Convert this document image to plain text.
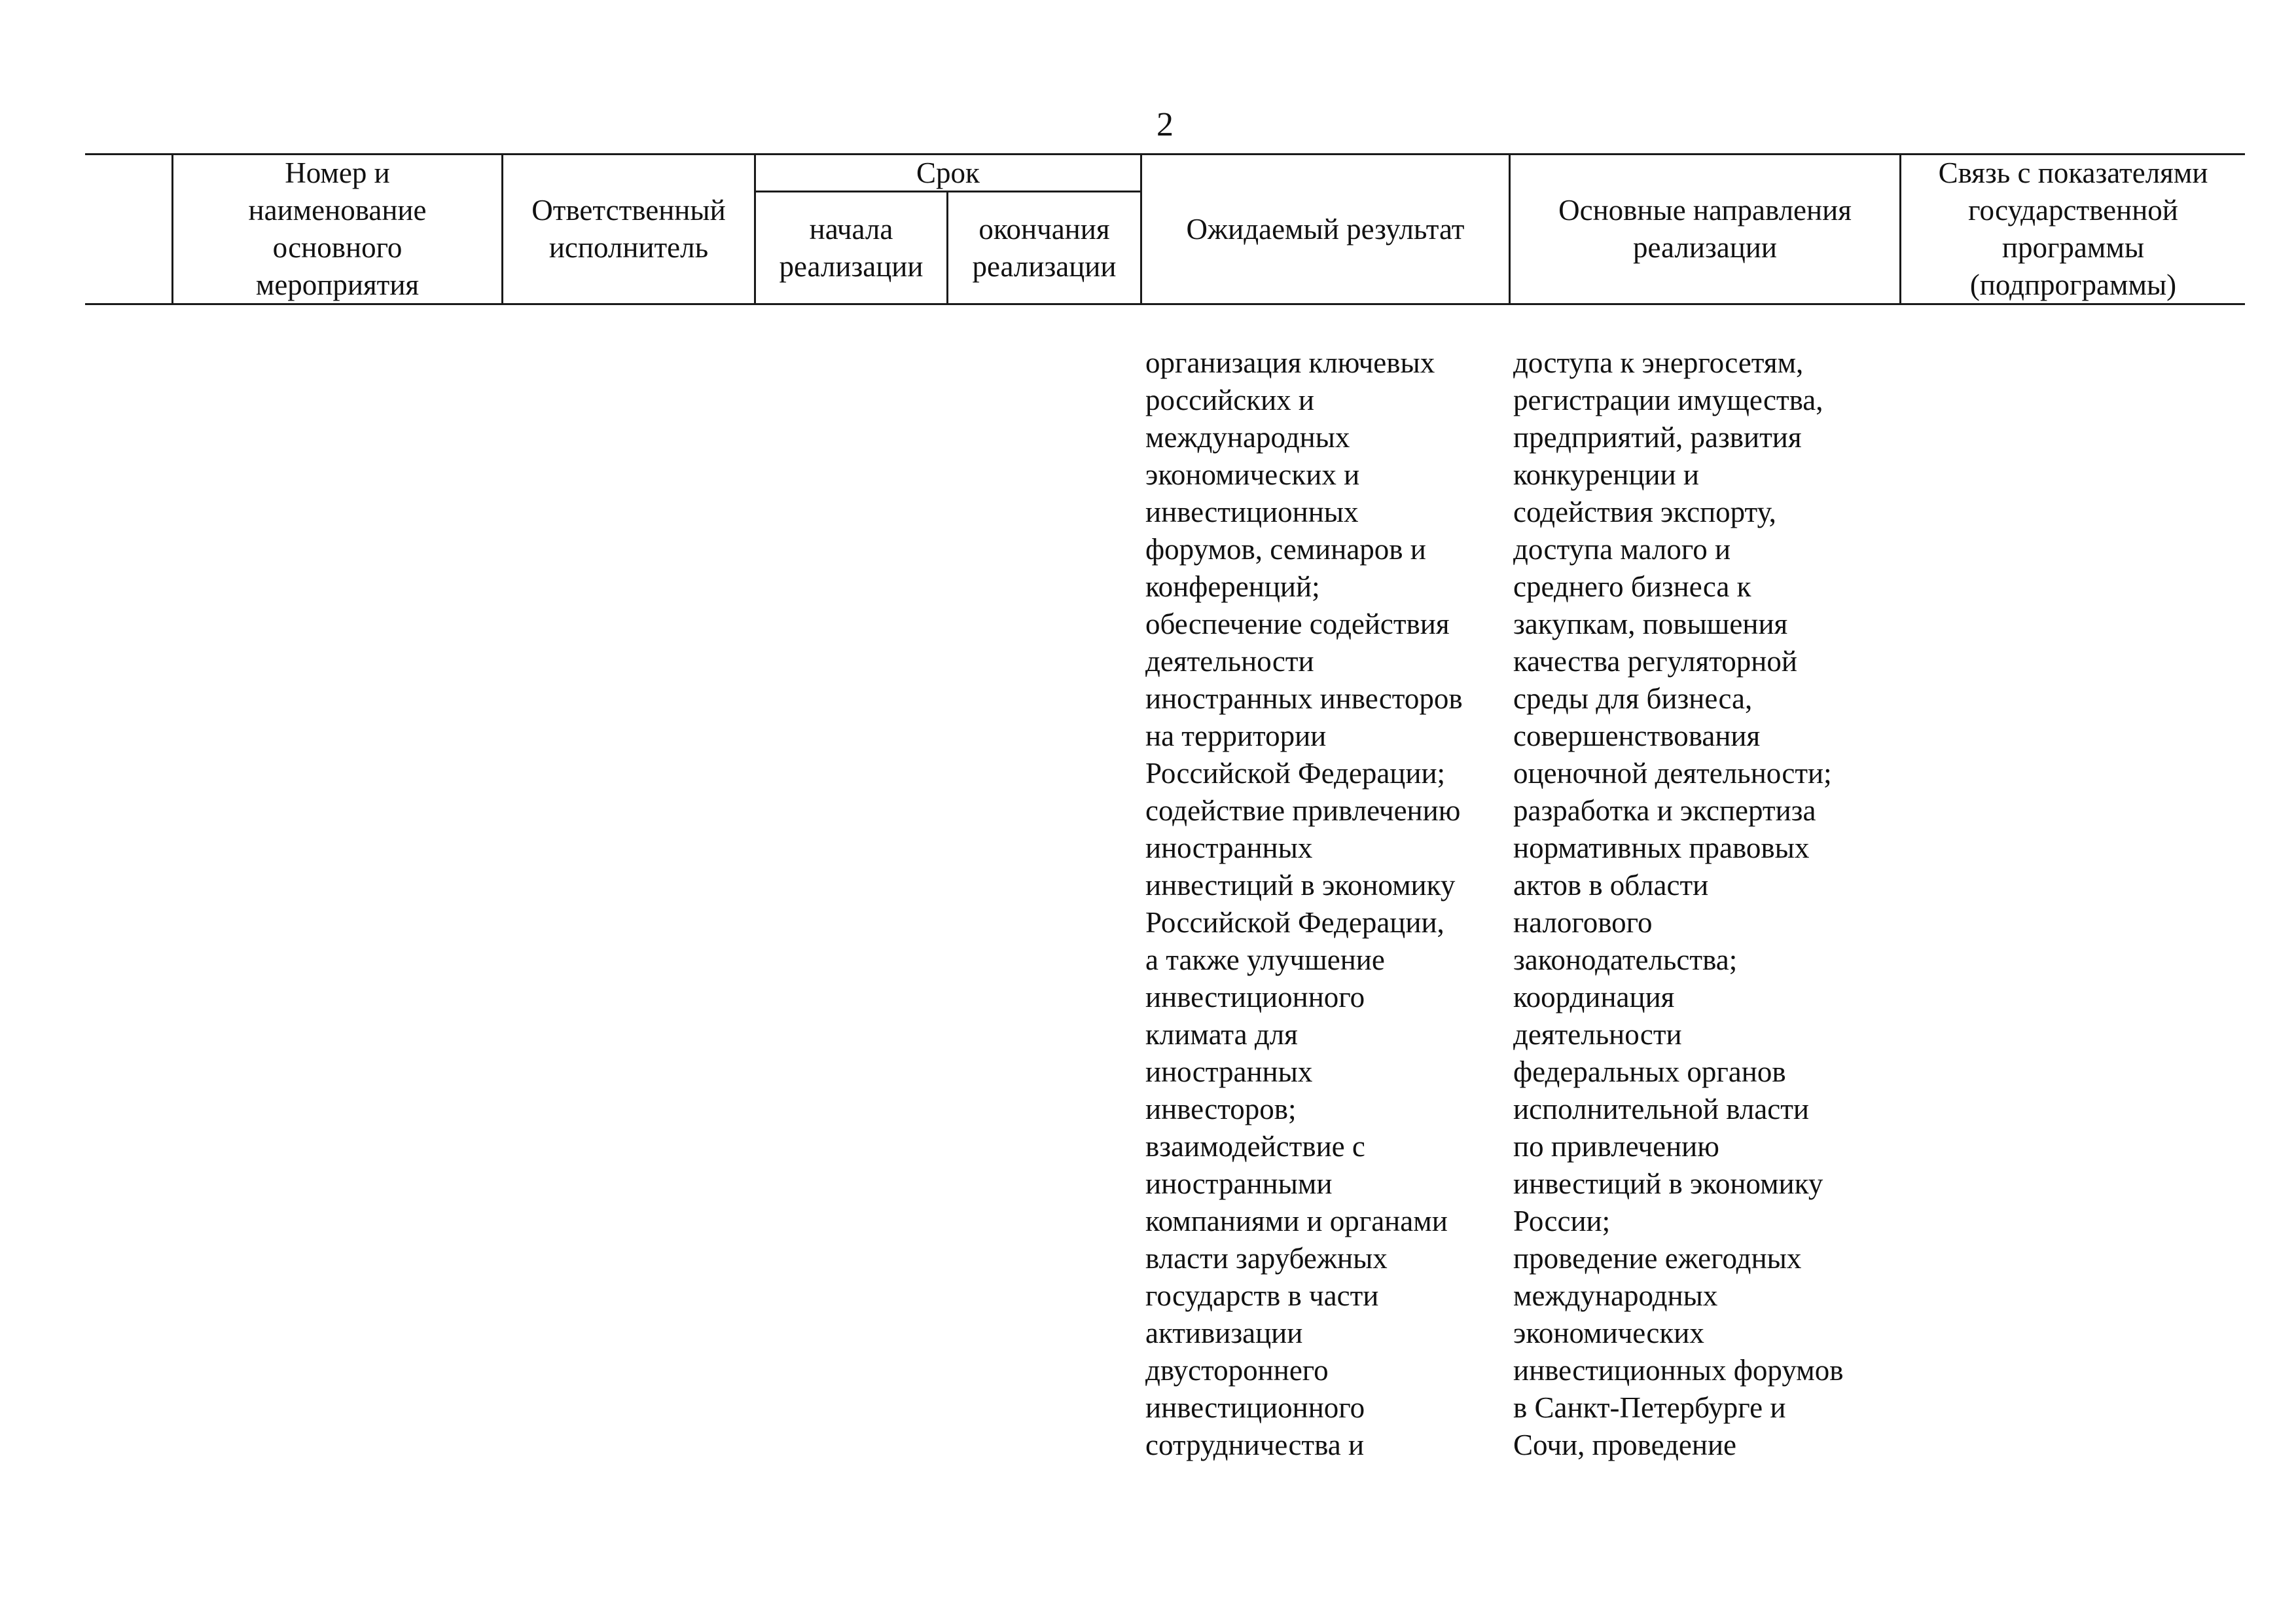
2
Номер и
наименование
основного
мероприятия
Ответственный
исполнитель
Срок
начала
реализации
окончания
реализации
Ожидаемый результат
Основные направления
реализации
Связь с показателями
государственной
программы
(подпрограммы)
организация ключевых
российских и
международных
экономических и
инвестиционных
форумов, семинаров и
конференций;
обеспечение содействия
деятельности
иностранных инвесторов
на территории
Российской Федерации;
содействие привлечению
иностранных
инвестиций в экономику
Российской Федерации,
а также улучшение
инвестиционного
климата для
иностранных
инвесторов;
взаимодействие с
иностранными
компаниями и органами
власти зарубежных
государств в части
активизации
двустороннего
инвестиционного
сотрудничества и
доступа к энергосетям,
регистрации имущества,
предприятий, развития
конкуренции и
содействия экспорту,
доступа малого и
среднего бизнеса к
закупкам, повышения
качества регуляторной
среды для бизнеса,
совершенствования
оценочной деятельности;
разработка и экспертиза
нормативных правовых
актов в области
налогового
законодательства;
координация
деятельности
федеральных органов
исполнительной власти
по привлечению
инвестиций в экономику
России;
проведение ежегодных
международных
экономических
инвестиционных форумов
в Санкт-Петербурге и
Сочи, проведение
